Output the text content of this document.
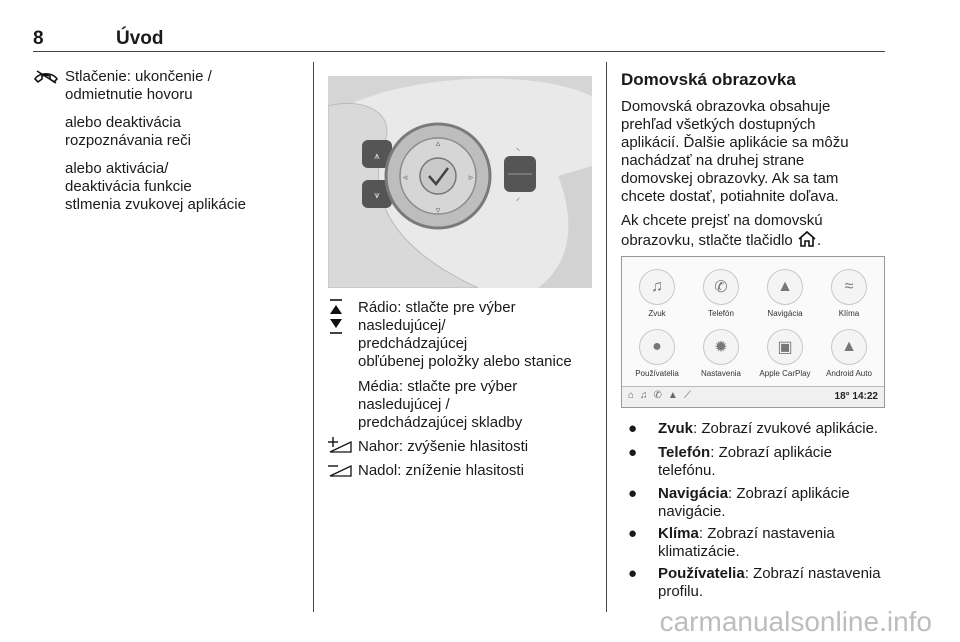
8	Úvod
Stlačenie: ukončenie /
odmietnutie hovoru
alebo deaktivácia
rozpoznávania reči
alebo aktivácia/
deaktivácia funkcie
stlmenia zvukovej aplikácie
⩚
⩛
▵
▿
◃	▹
⸌
⸍
Rádio: stlačte pre výber
nasledujúcej/
predchádzajúcej
obľúbenej položky alebo stanice
Média: stlačte pre výber
nasledujúcej /
predchádzajúcej skladby
Nahor: zvýšenie hlasitosti
Nadol: zníženie hlasitosti
Domovská obrazovka
Domovská obrazovka obsahuje
prehľad všetkých dostupných
aplikácií. Ďalšie aplikácie sa môžu
nachádzať na druhej strane
domovskej obrazovky. Ak sa tam
chcete dostať, potiahnite doľava.
Ak chcete prejsť na domovskú
obrazovku, stlačte tlačidlo .
♫
Zvuk
✆
Telefón
▲
Navigácia
≈
Klíma
●
Používatelia
✹
Nastavenia
▣
Apple CarPlay
▲
Android Auto
⌂♫✆▲⟋	18° 14:22
● Zvuk: Zobrazí zvukové aplikácie.
● Telefón: Zobrazí aplikácie
telefónu.
● Navigácia: Zobrazí aplikácie
navigácie.
● Klíma: Zobrazí nastavenia
klimatizácie.
● Používatelia: Zobrazí nastavenia
profilu.
carmanualsonline.info
